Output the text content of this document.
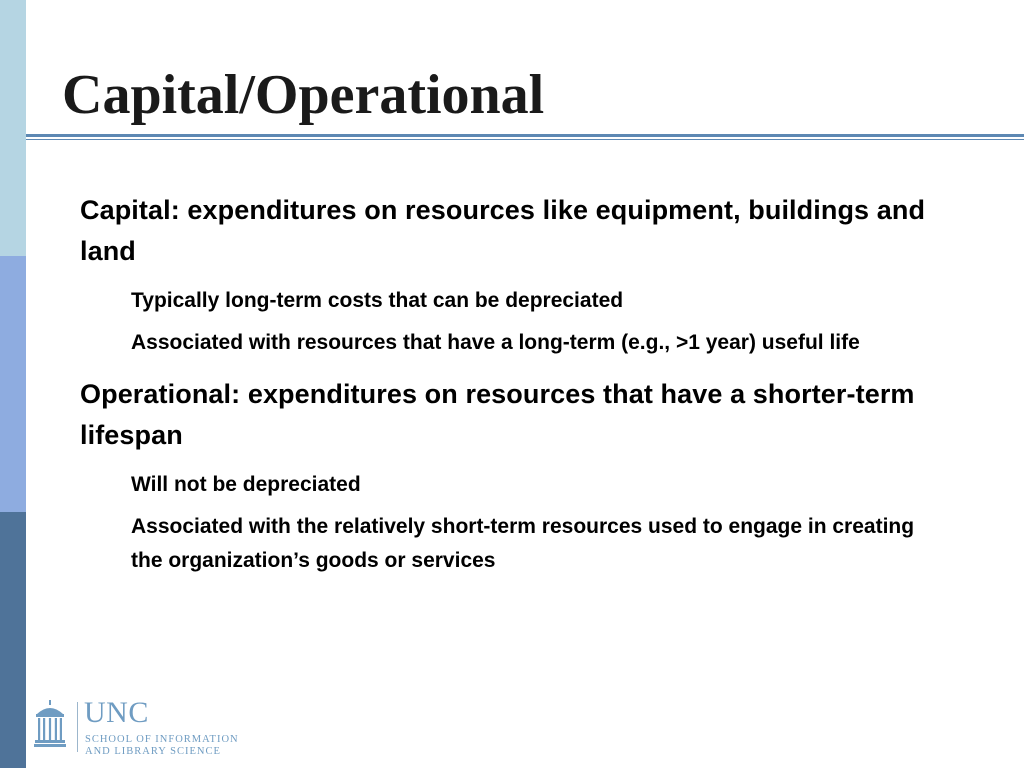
Capital/Operational

Capital: expenditures on resources like equipment, buildings and land

Typically long-term costs that can be depreciated

Associated with resources that have a long-term (e.g., >1 year) useful life

Operational: expenditures on resources that have a shorter-term lifespan

Will not be depreciated

Associated with the relatively short-term resources used to engage in creating the organization’s goods or services

UNC
SCHOOL OF INFORMATION
AND LIBRARY SCIENCE
